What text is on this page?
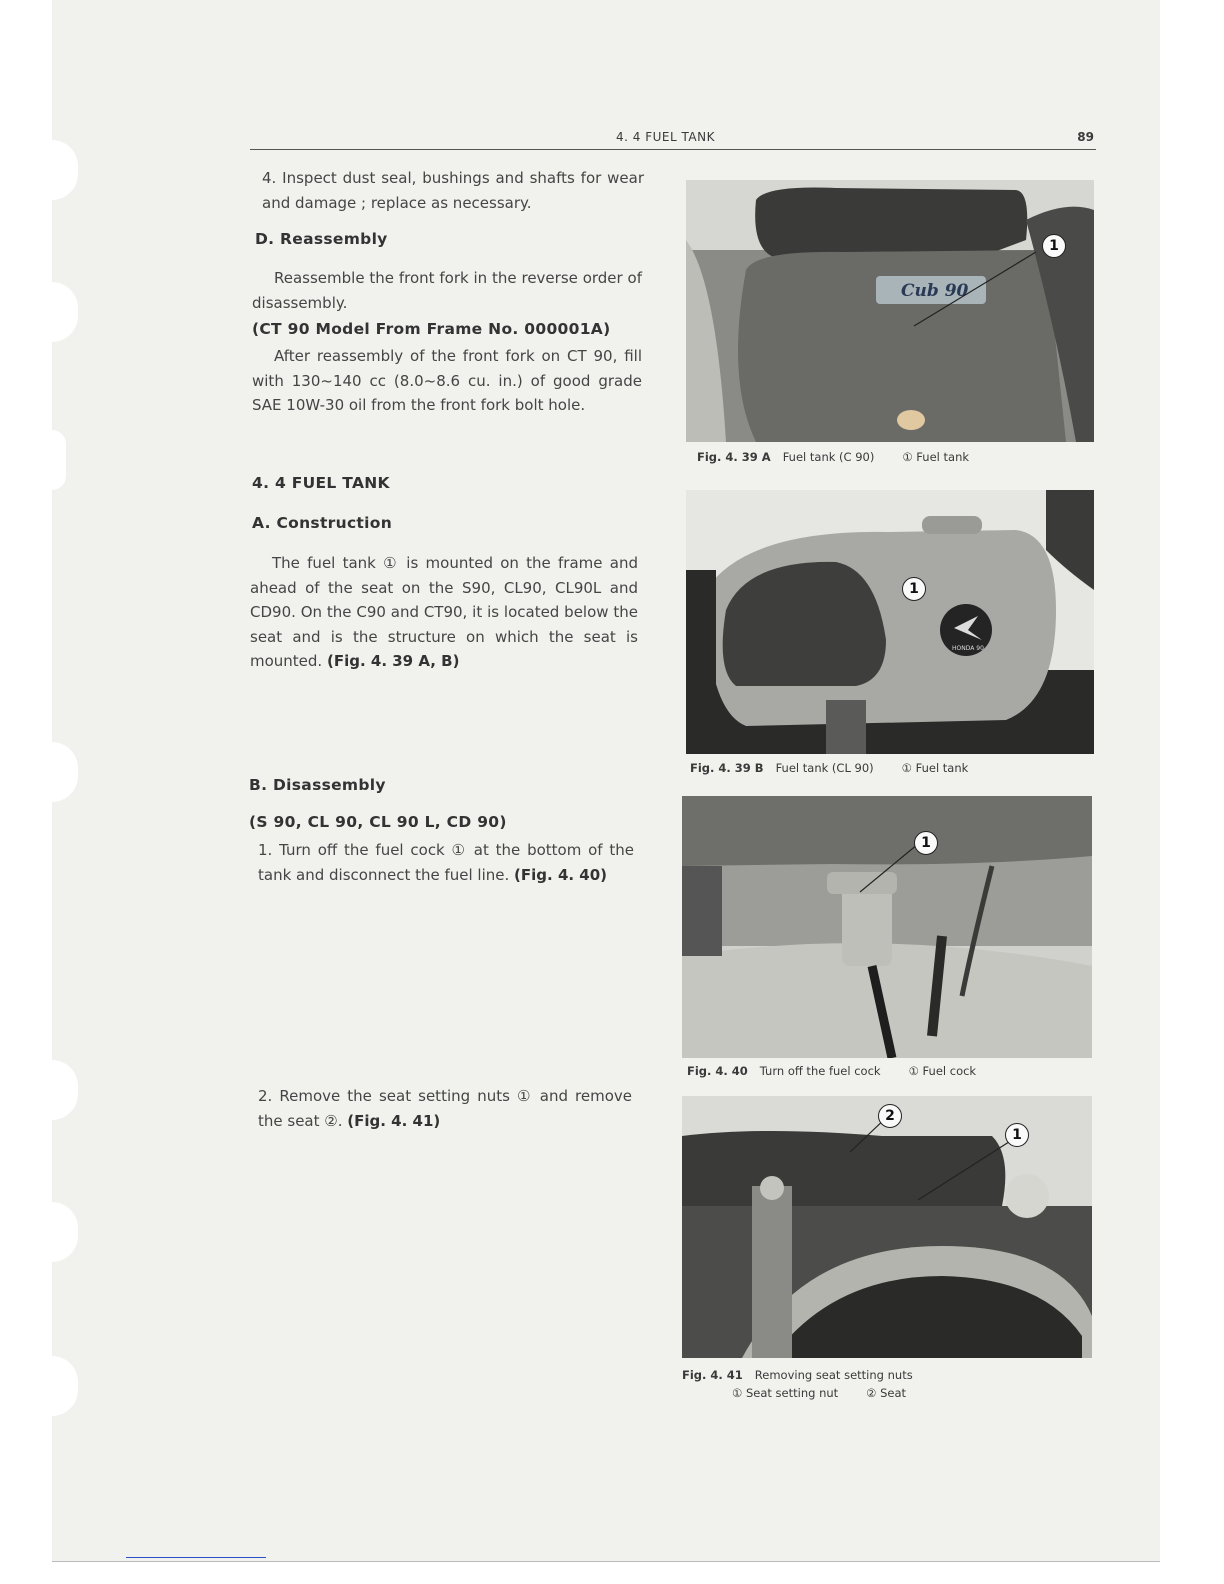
4. 4 FUEL TANK	89
4. Inspect dust seal, bushings and shafts for wear and damage ; replace as necessary.
D. Reassembly
Reassemble the front fork in the reverse order of disassembly.
(CT 90 Model From Frame No. 000001A)
After reassembly of the front fork on CT 90, fill with 130~140 cc (8.0~8.6 cu. in.) of good grade SAE 10W-30 oil from the front fork bolt hole.
4. 4 FUEL TANK
A. Construction
The fuel tank ① is mounted on the frame and ahead of the seat on the S90, CL90, CL90L and CD90. On the C90 and CT90, it is located below the seat and is the structure on which the seat is mounted. (Fig. 4. 39 A, B)
B. Disassembly
(S 90, CL 90, CL 90 L, CD 90)
1. Turn off the fuel cock ① at the bottom of the tank and disconnect the fuel line. (Fig. 4. 40)
2. Remove the seat setting nuts ① and remove the seat ②. (Fig. 4. 41)
Cub 90
1
Fig. 4. 39 A Fuel tank (C 90) ① Fuel tank
HONDA 90
1
Fig. 4. 39 B Fuel tank (CL 90) ① Fuel tank
1
Fig. 4. 40 Turn off the fuel cock ① Fuel cock
2
1
Fig. 4. 41 Removing seat setting nuts
① Seat setting nut ② Seat
